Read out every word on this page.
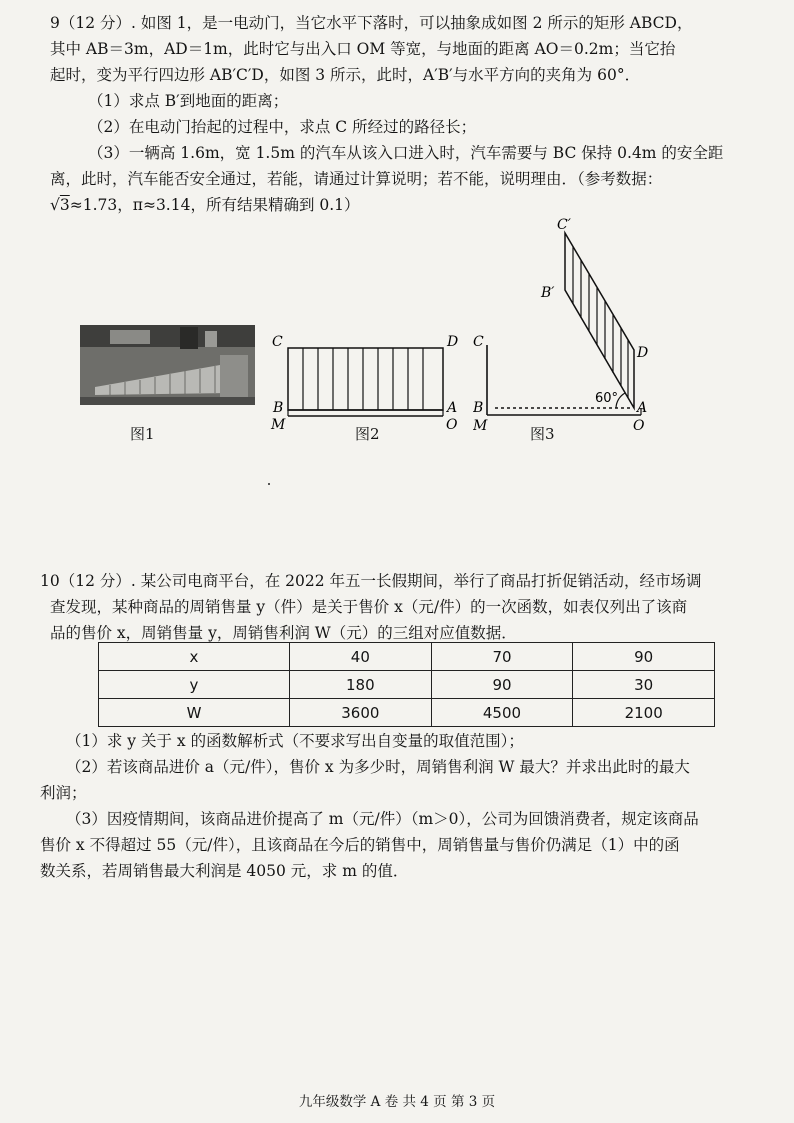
9（12 分）. 如图 1，是一电动门，当它水平下落时，可以抽象成如图 2 所示的矩形 ABCD，

其中 AB＝3m，AD＝1m，此时它与出入口 OM 等宽，与地面的距离 AO＝0.2m；当它抬

起时，变为平行四边形 AB′C′D，如图 3 所示，此时，A′B′与水平方向的夹角为 60°．

（1）求点 B′到地面的距离；

（2）在电动门抬起的过程中，求点 C 所经过的路径长；

（3）一辆高 1.6m，宽 1.5m 的汽车从该入口进入时，汽车需要与 BC 保持 0.4m 的安全距

离，此时，汽车能否安全通过，若能，请通过计算说明；若不能，说明理由．（参考数据：

√3≈1.73，π≈3.14，所有结果精确到 0.1）

图1
C	D
B	A
M	O
图2
C′
B′
D
C
B	A
M	O
60°
图3

10（12 分）. 某公司电商平台，在 2022 年五一长假期间，举行了商品打折促销活动，经市场调

查发现，某种商品的周销售量 y（件）是关于售价 x（元/件）的一次函数，如表仅列出了该商

品的售价 x，周销售量 y，周销售利润 W（元）的三组对应值数据．

x	40	70	90
y	180	90	30
W	3600	4500	2100

（1）求 y 关于 x 的函数解析式（不要求写出自变量的取值范围）；

（2）若该商品进价 a（元/件），售价 x 为多少时，周销售利润 W 最大？并求出此时的最大

利润；

（3）因疫情期间，该商品进价提高了 m（元/件）（m＞0），公司为回馈消费者，规定该商品

售价 x 不得超过 55（元/件），且该商品在今后的销售中，周销售量与售价仍满足（1）中的函

数关系，若周销售最大利润是 4050 元，求 m 的值．

九年级数学 A 卷 共 4 页 第 3 页
